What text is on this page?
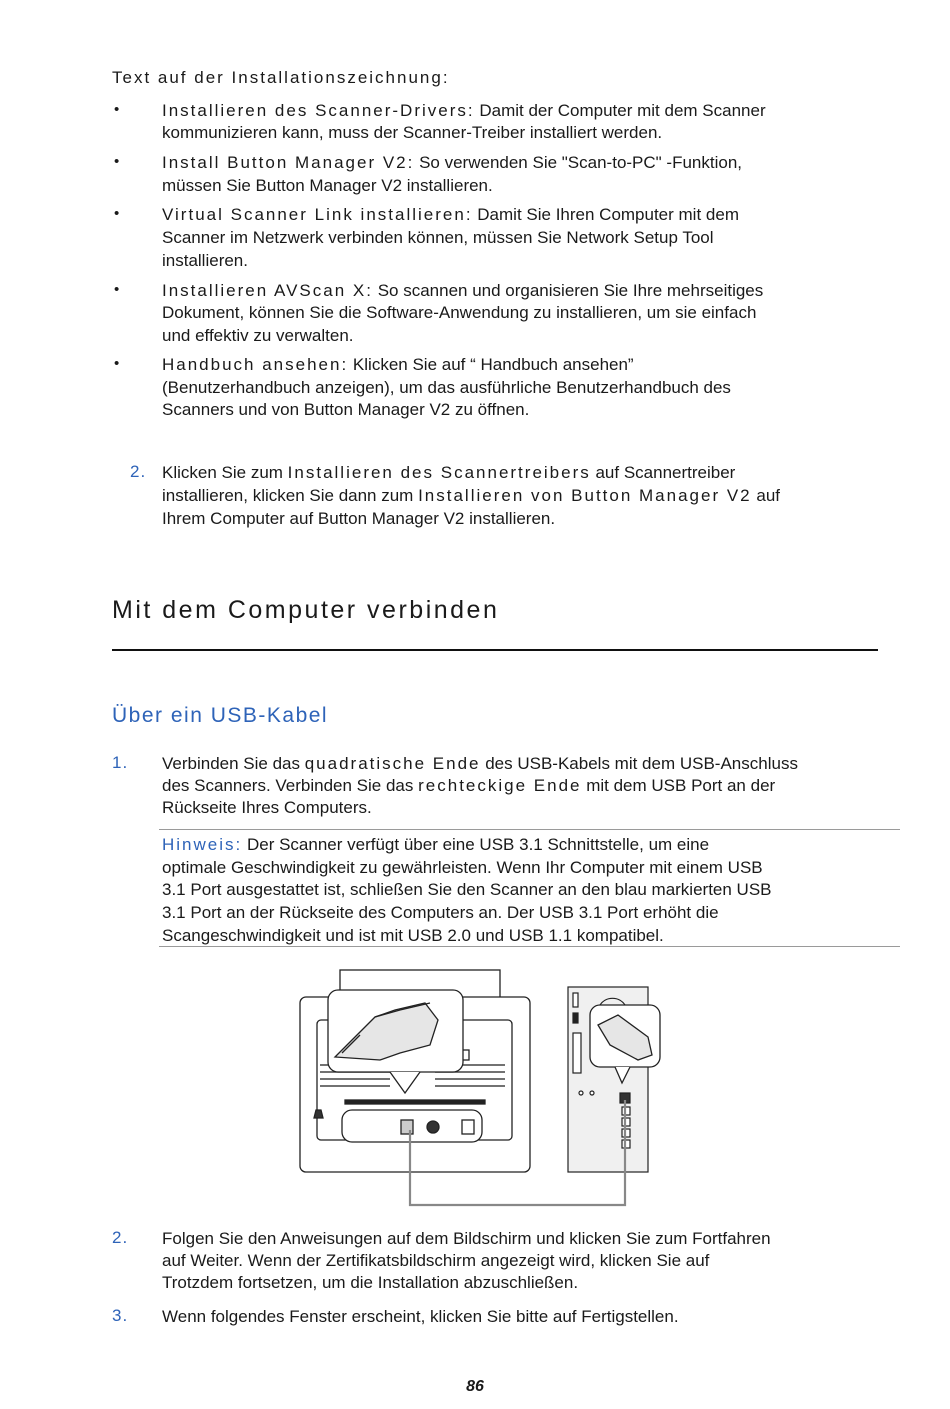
Text auf der Installationszeichnung:
•	Installieren des Scanner-Drivers: Damit der Computer mit dem Scanner
kommunizieren kann, muss der Scanner-Treiber installiert werden.
•	Install Button Manager V2: So verwenden Sie "Scan-to-PC" -Funktion,
müssen Sie Button Manager V2 installieren.
•	Virtual Scanner Link installieren: Damit Sie Ihren Computer mit dem
Scanner im Netzwerk verbinden können, müssen Sie Network Setup Tool
installieren.
•	Installieren AVScan X: So scannen und organisieren Sie Ihre mehrseitiges
Dokument, können Sie die Software-Anwendung zu installieren, um sie einfach
und effektiv zu verwalten.
•	Handbuch ansehen: Klicken Sie auf “ Handbuch ansehen”
(Benutzerhandbuch anzeigen), um das ausführliche Benutzerhandbuch des
Scanners und von Button Manager V2 zu öffnen.
2. Klicken Sie zum Installieren des Scannertreibers auf Scannertreiber
installieren, klicken Sie dann zum Installieren von Button Manager V2 auf
Ihrem Computer auf Button Manager V2 installieren.
Mit dem Computer verbinden
Über ein USB-Kabel
1. Verbinden Sie das quadratische Ende des USB-Kabels mit dem USB-Anschluss
des Scanners. Verbinden Sie das rechteckige Ende mit dem USB Port an der
Rückseite Ihres Computers.
Hinweis: Der Scanner verfügt über eine USB 3.1 Schnittstelle, um eine
optimale Geschwindigkeit zu gewährleisten. Wenn Ihr Computer mit einem USB
3.1 Port ausgestattet ist, schließen Sie den Scanner an den blau markierten USB
3.1 Port an der Rückseite des Computers an. Der USB 3.1 Port erhöht die
Scangeschwindigkeit und ist mit USB 2.0 und USB 1.1 kompatibel.
2. Folgen Sie den Anweisungen auf dem Bildschirm und klicken Sie zum Fortfahren
auf Weiter. Wenn der Zertifikatsbildschirm angezeigt wird, klicken Sie auf
Trotzdem fortsetzen, um die Installation abzuschließen.
3. Wenn folgendes Fenster erscheint, klicken Sie bitte auf Fertigstellen.
86
